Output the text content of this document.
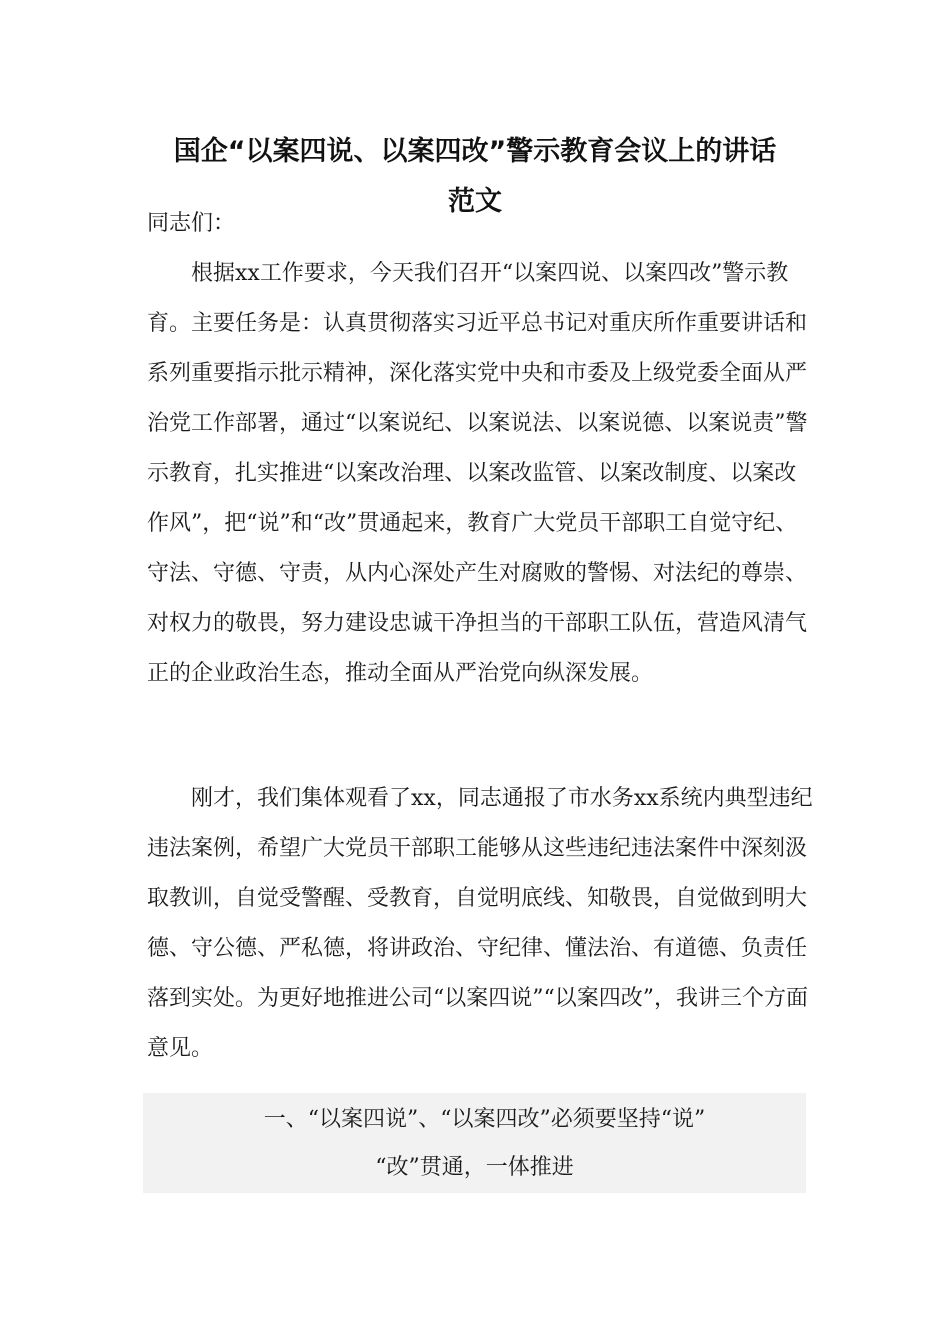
国企“以案四说、以案四改”警示教育会议上的讲话
范文
同志们：
根据xx工作要求，今天我们召开“以案四说、以案四改”警示教育。主要任务是：认真贯彻落实习近平总书记对重庆所作重要讲话和系列重要指示批示精神，深化落实党中央和市委及上级党委全面从严治党工作部署，通过“以案说纪、以案说法、以案说德、以案说责”警示教育，扎实推进“以案改治理、以案改监管、以案改制度、以案改作风”，把“说”和“改”贯通起来，教育广大党员干部职工自觉守纪、守法、守德、守责，从内心深处产生对腐败的警惕、对法纪的尊崇、对权力的敬畏，努力建设忠诚干净担当的干部职工队伍，营造风清气正的企业政治生态，推动全面从严治党向纵深发展。
刚才，我们集体观看了xx，同志通报了市水务xx系统内典型违纪违法案例，希望广大党员干部职工能够从这些违纪违法案件中深刻汲取教训，自觉受警醒、受教育，自觉明底线、知敬畏，自觉做到明大德、守公德、严私德，将讲政治、守纪律、懂法治、有道德、负责任落到实处。为更好地推进公司“以案四说”“以案四改”，我讲三个方面意见。
一、“以案四说”、“以案四改”必须要坚持“说”
“改”贯通，一体推进
